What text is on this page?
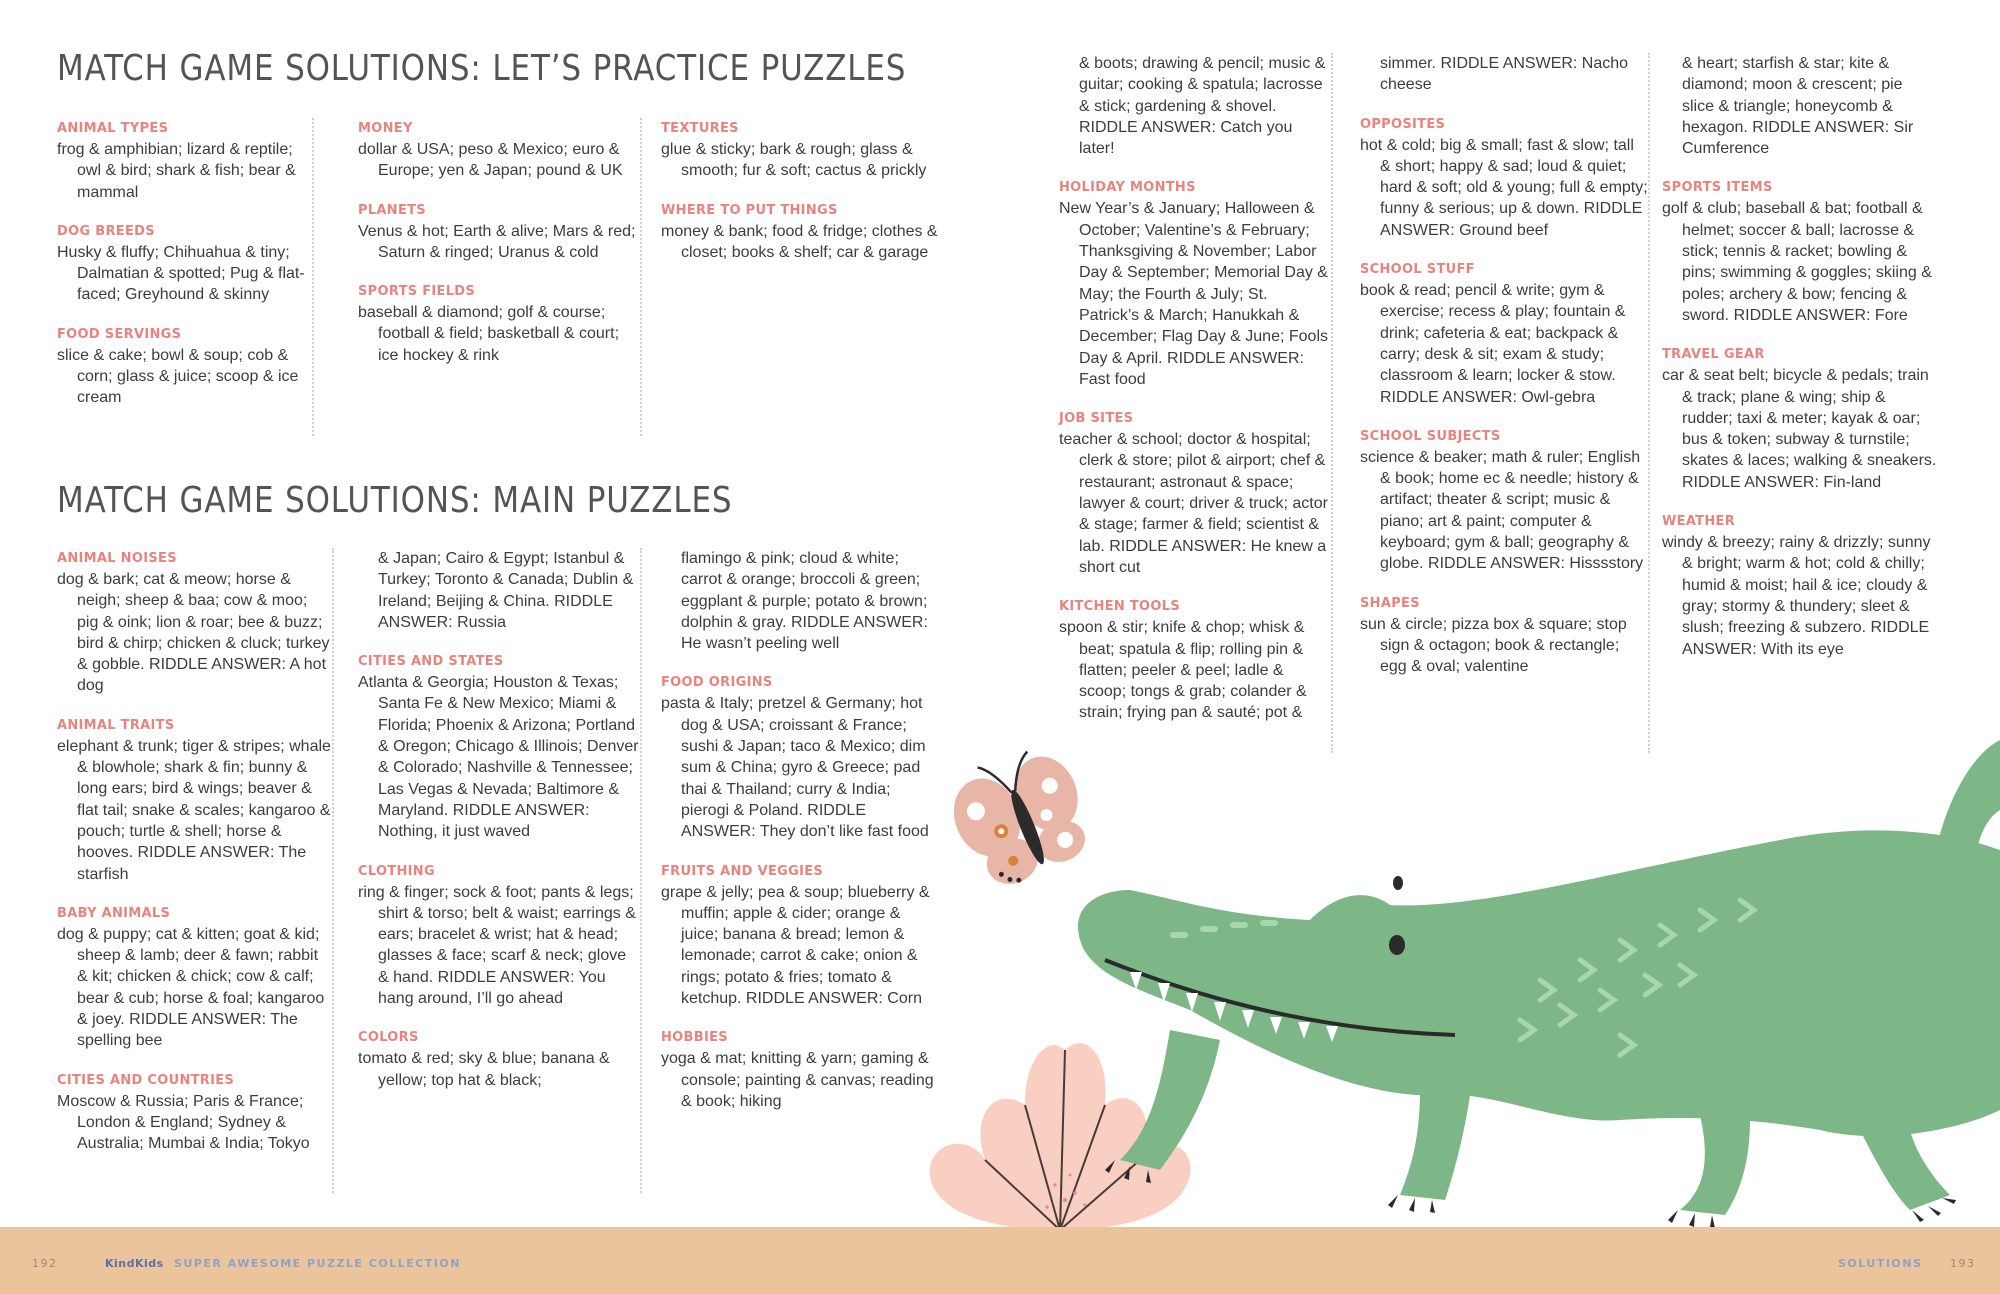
MATCH GAME SOLUTIONS: LET’S PRACTICE PUZZLES
MATCH GAME SOLUTIONS: MAIN PUZZLES
ANIMAL TYPES
frog & amphibian; lizard & reptile; owl & bird; shark & fish; bear & mammal
DOG BREEDS
Husky & fluffy; Chihuahua & tiny; Dalmatian & spotted; Pug & flat-faced; Greyhound & skinny
FOOD SERVINGS
slice & cake; bowl & soup; cob & corn; glass & juice; scoop & ice cream
MONEY
dollar & USA; peso & Mexico; euro & Europe; yen & Japan; pound & UK
PLANETS
Venus & hot; Earth & alive; Mars & red; Saturn & ringed; Uranus & cold
SPORTS FIELDS
baseball & diamond; golf & course; football & field; basketball & court; ice hockey & rink
TEXTURES
glue & sticky; bark & rough; glass & smooth; fur & soft; cactus & prickly
WHERE TO PUT THINGS
money & bank; food & fridge; clothes & closet; books & shelf; car & garage
ANIMAL NOISES
dog & bark; cat & meow; horse & neigh; sheep & baa; cow & moo; pig & oink; lion & roar; bee & buzz; bird & chirp; chicken & cluck; turkey & gobble. RIDDLE ANSWER: A hot dog
ANIMAL TRAITS
elephant & trunk; tiger & stripes; whale & blowhole; shark & fin; bunny & long ears; bird & wings; beaver & flat tail; snake & scales; kangaroo & pouch; turtle & shell; horse & hooves. RIDDLE ANSWER: The starfish
BABY ANIMALS
dog & puppy; cat & kitten; goat & kid; sheep & lamb; deer & fawn; rabbit & kit; chicken & chick; cow & calf; bear & cub; horse & foal; kangaroo & joey. RIDDLE ANSWER: The spelling bee
CITIES AND COUNTRIES
Moscow & Russia; Paris & France; London & England; Sydney & Australia; Mumbai & India; Tokyo
& Japan; Cairo & Egypt; Istanbul & Turkey; Toronto & Canada; Dublin & Ireland; Beijing & China. RIDDLE ANSWER: Russia
CITIES AND STATES
Atlanta & Georgia; Houston & Texas; Santa Fe & New Mexico; Miami & Florida; Phoenix & Arizona; Portland & Oregon; Chicago & Illinois; Denver & Colorado; Nashville & Tennessee; Las Vegas & Nevada; Baltimore & Maryland. RIDDLE ANSWER: Nothing, it just waved
CLOTHING
ring & finger; sock & foot; pants & legs; shirt & torso; belt & waist; earrings & ears; bracelet & wrist; hat & head; glasses & face; scarf & neck; glove & hand. RIDDLE ANSWER: You hang around, I’ll go ahead
COLORS
tomato & red; sky & blue; banana & yellow; top hat & black;
flamingo & pink; cloud & white; carrot & orange; broccoli & green; eggplant & purple; potato & brown; dolphin & gray. RIDDLE ANSWER: He wasn’t peeling well
FOOD ORIGINS
pasta & Italy; pretzel & Germany; hot dog & USA; croissant & France; sushi & Japan; taco & Mexico; dim sum & China; gyro & Greece; pad thai & Thailand; curry & India; pierogi & Poland. RIDDLE ANSWER: They don’t like fast food
FRUITS AND VEGGIES
grape & jelly; pea & soup; blueberry & muffin; apple & cider; orange & juice; banana & bread; lemon & lemonade; carrot & cake; onion & rings; potato & fries; tomato & ketchup. RIDDLE ANSWER: Corn
HOBBIES
yoga & mat; knitting & yarn; gaming & console; painting & canvas; reading & book; hiking
& boots; drawing & pencil; music & guitar; cooking & spatula; lacrosse & stick; gardening & shovel. RIDDLE ANSWER: Catch you later!
HOLIDAY MONTHS
New Year’s & January; Halloween & October; Valentine’s & February; Thanksgiving & November; Labor Day & September; Memorial Day & May; the Fourth & July; St. Patrick’s & March; Hanukkah & December; Flag Day & June; Fools Day & April. RIDDLE ANSWER: Fast food
JOB SITES
teacher & school; doctor & hospital; clerk & store; pilot & airport; chef & restaurant; astronaut & space; lawyer & court; driver & truck; actor & stage; farmer & field; scientist & lab. RIDDLE ANSWER: He knew a short cut
KITCHEN TOOLS
spoon & stir; knife & chop; whisk & beat; spatula & flip; rolling pin & flatten; peeler & peel; ladle & scoop; tongs & grab; colander & strain; frying pan & sauté; pot &
simmer. RIDDLE ANSWER: Nacho cheese
OPPOSITES
hot & cold; big & small; fast & slow; tall & short; happy & sad; loud & quiet; hard & soft; old & young; full & empty; funny & serious; up & down. RIDDLE ANSWER: Ground beef
SCHOOL STUFF
book & read; pencil & write; gym & exercise; recess & play; fountain & drink; cafeteria & eat; backpack & carry; desk & sit; exam & study; classroom & learn; locker & stow. RIDDLE ANSWER: Owl-gebra
SCHOOL SUBJECTS
science & beaker; math & ruler; English & book; home ec & needle; history & artifact; theater & script; music & piano; art & paint; computer & keyboard; gym & ball; geography & globe. RIDDLE ANSWER: Hisssstory
SHAPES
sun & circle; pizza box & square; stop sign & octagon; book & rectangle; egg & oval; valentine
& heart; starfish & star; kite & diamond; moon & crescent; pie slice & triangle; honeycomb & hexagon. RIDDLE ANSWER: Sir Cumference
SPORTS ITEMS
golf & club; baseball & bat; football & helmet; soccer & ball; lacrosse & stick; tennis & racket; bowling & pins; swimming & goggles; skiing & poles; archery & bow; fencing & sword. RIDDLE ANSWER: Fore
TRAVEL GEAR
car & seat belt; bicycle & pedals; train & track; plane & wing; ship & rudder; taxi & meter; kayak & oar; bus & token; subway & turnstile; skates & laces; walking & sneakers. RIDDLE ANSWER: Fin-land
WEATHER
windy & breezy; rainy & drizzly; sunny & bright; warm & hot; cold & chilly; humid & moist; hail & ice; cloudy & gray; stormy & thundery; sleet & slush; freezing & subzero. RIDDLE ANSWER: With its eye
192	KindKids SUPER AWESOME PUZZLE COLLECTION	SOLUTIONS	193
